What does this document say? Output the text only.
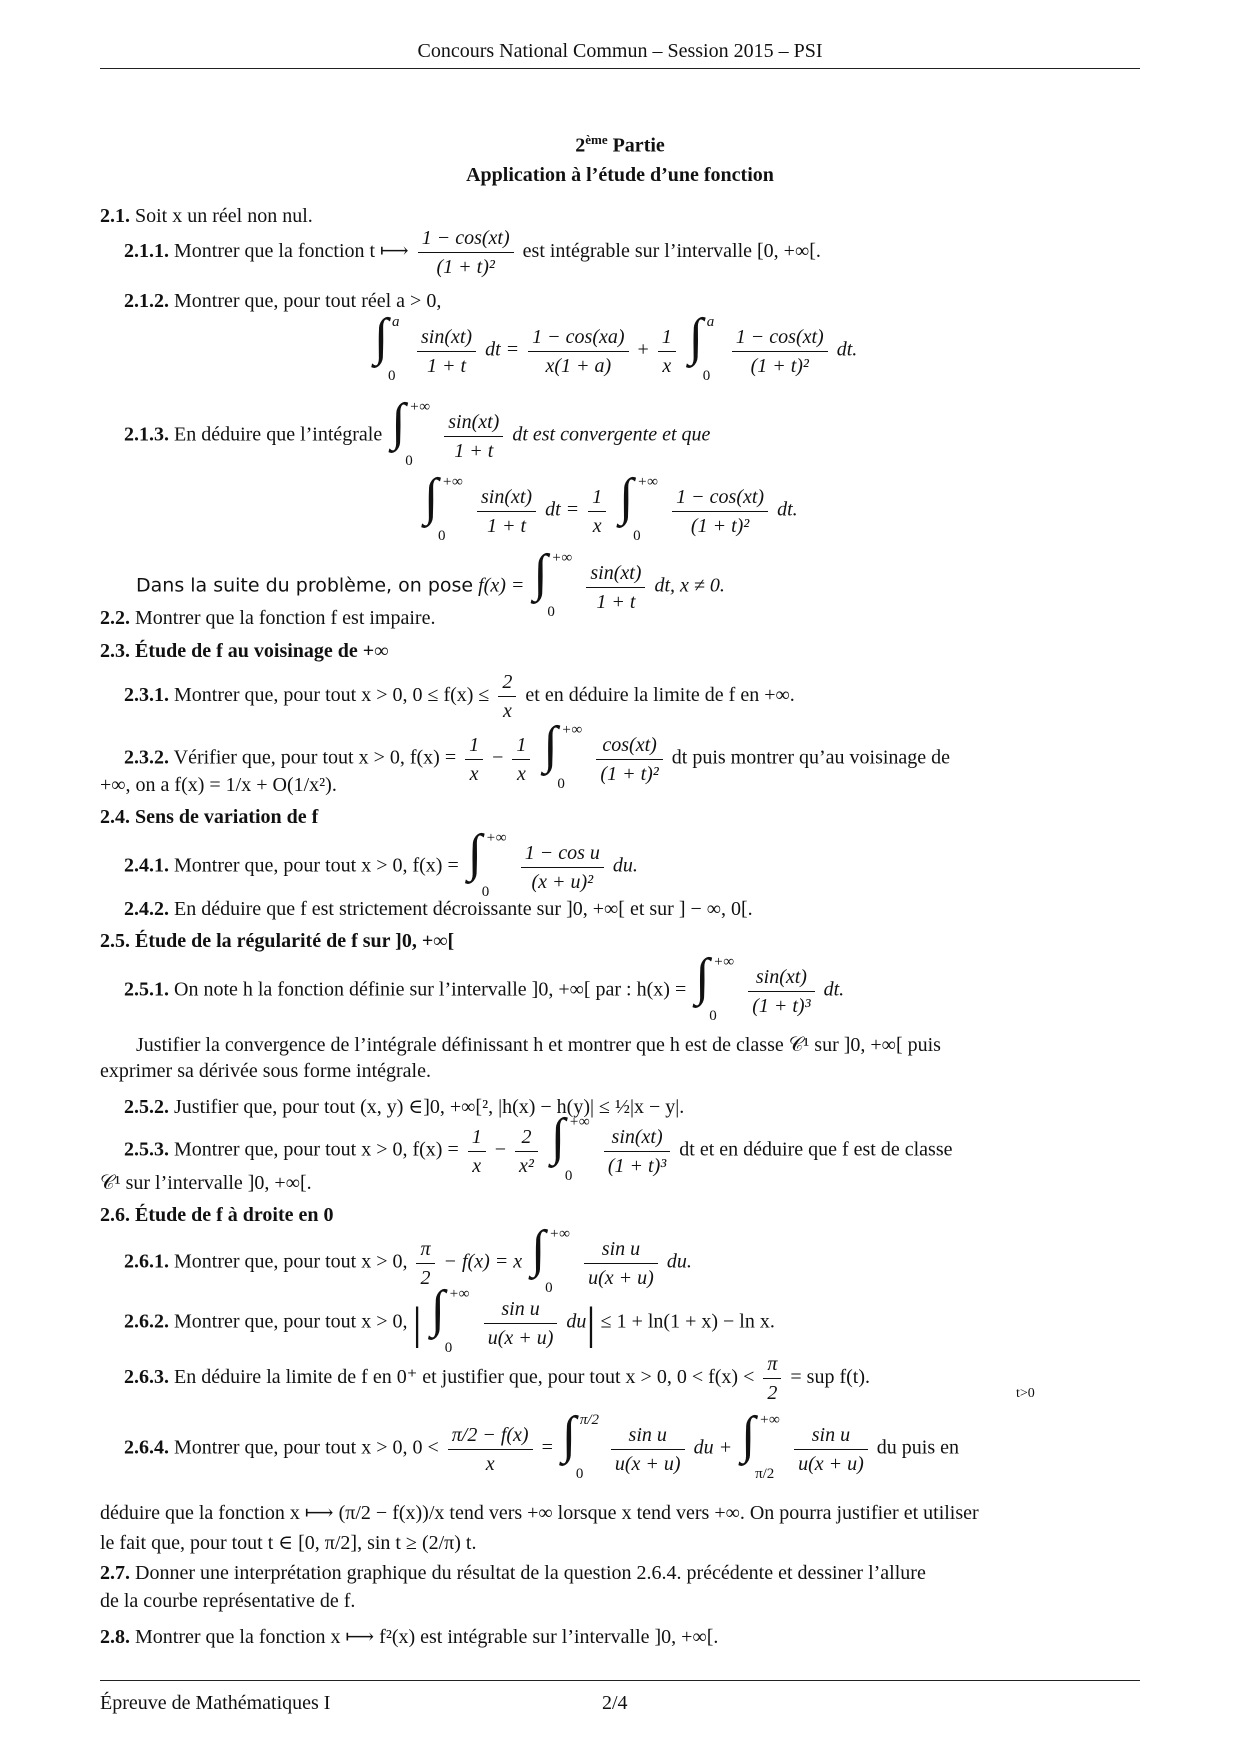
Concours National Commun – Session 2015 – PSI
2ème Partie
Application à l’étude d’une fonction
2.1. Soit x un réel non nul.
2.1.1. Montrer que la fonction t ⟼ $\frac{1 - \cos(xt)}{\text{(1 + t)²}}$ est intégrable sur l’intervalle [0, +∞[.
2.1.2. Montrer que, pour tout réel a > 0,
∫ a
0
$\frac{\sin(xt)}{1 + t}$ dt = $\frac{1 - \cos(xa)}{x(1 + a)} + \frac{1}{x}$
∫ a
0
$\frac{1 - \cos(xt)}{\text{(1 + t)²}}$ dt.
2.1.3. En déduire que l’intégrale ∫ +∞
0
$\frac{\sin(xt)}{1 + t}$ dt est convergente et que
∫ +∞
0
$\frac{\sin(xt)}{1 + t}$ dt = $\frac{1}{x}$
∫ +∞
0
$\frac{1 - \cos(xt)}{\text{(1 + t)²}}$ dt.
Dans la suite du problème, on pose f(x) = ∫ +∞
0
$\frac{\sin(xt)}{1 + t}$ dt, x ≠ 0.
2.2. Montrer que la fonction f est impaire.
2.3. Étude de f au voisinage de +∞
2.3.1. Montrer que, pour tout x > 0, $0 \le f(x) \le \frac{2}{x}$ et en déduire la limite de f en +∞.
2.3.2. Vérifier que, pour tout x > 0, $f(x) = \frac{1}{x} - \frac{1}{x}$
∫ +∞
0
$\frac{\cos(xt)}{\text{(1 + t)²}}$ dt puis montrer qu’au voisinage de
+∞, on a f(x) = 1/x + O(1/x²).
2.4. Sens de variation de f
2.4.1. Montrer que, pour tout x > 0, f(x) = ∫ +∞
0
$\frac{\text{1 − cos u}}{\text{(x + u)²}}$ du.
2.4.2. En déduire que f est strictement décroissante sur ]0, +∞[ et sur ] − ∞, 0[.
2.5. Étude de la régularité de f sur ]0, +∞[
2.5.1. On note h la fonction définie sur l’intervalle ]0, +∞[ par : h(x) = ∫ +∞
0
$\frac{\sin(xt)}{\text{(1 + t)³}}$ dt.
Justifier la convergence de l’intégrale définissant h et montrer que h est de classe 𝒞¹ sur ]0, +∞[ puis
exprimer sa dérivée sous forme intégrale.
2.5.2. Justifier que, pour tout (x, y) ∈]0, +∞[², |h(x) − h(y)| ≤ ½|x − y|.
2.5.3. Montrer que, pour tout x > 0, $f(x) = \frac{1}{x} - \frac{2}{\text{x²}}$
∫ +∞
0
$\frac{\sin(xt)}{\text{(1 + t)³}}$ dt et en déduire que f est de classe
𝒞¹ sur l’intervalle ]0, +∞[.
2.6. Étude de f à droite en 0
2.6.1. Montrer que, pour tout x > 0, $\frac{\pi}{2} - f(x) = x$ ∫ +∞
0
$\frac{\text{sin u}}{u(x + u)}$ du.
2.6.2. Montrer que, pour tout x > 0, | ∫ +∞
0
$\frac{\text{sin u}}{u(x + u)} du| \le 1 + \ln(1 + x) - \ln x$.
2.6.3. En déduire la limite de f en 0⁺ et justifier que, pour tout x > 0, $0 < f(x) < \frac{\pi}{2}$ = sup f(t).
t>0
2.6.4. Montrer que, pour tout x > 0, $0 < \frac{\pi/2 - f(x)}{x}$ = ∫ π/2
0
$\frac{\text{sin u}}{u(x + u)}$ du + ∫ +∞
π/2
$\frac{\text{sin u}}{u(x + u)}$ du puis en
déduire que la fonction x ⟼ (π/2 − f(x))/x tend vers +∞ lorsque x tend vers +∞. On pourra justifier et utiliser
le fait que, pour tout t ∈ [0, π/2], sin t ≥ (2/π) t.
2.7. Donner une interprétation graphique du résultat de la question 2.6.4. précédente et dessiner l’allure
de la courbe représentative de f.
2.8. Montrer que la fonction x ⟼ f²(x) est intégrable sur l’intervalle ]0, +∞[.
Épreuve de Mathématiques I	2/4
